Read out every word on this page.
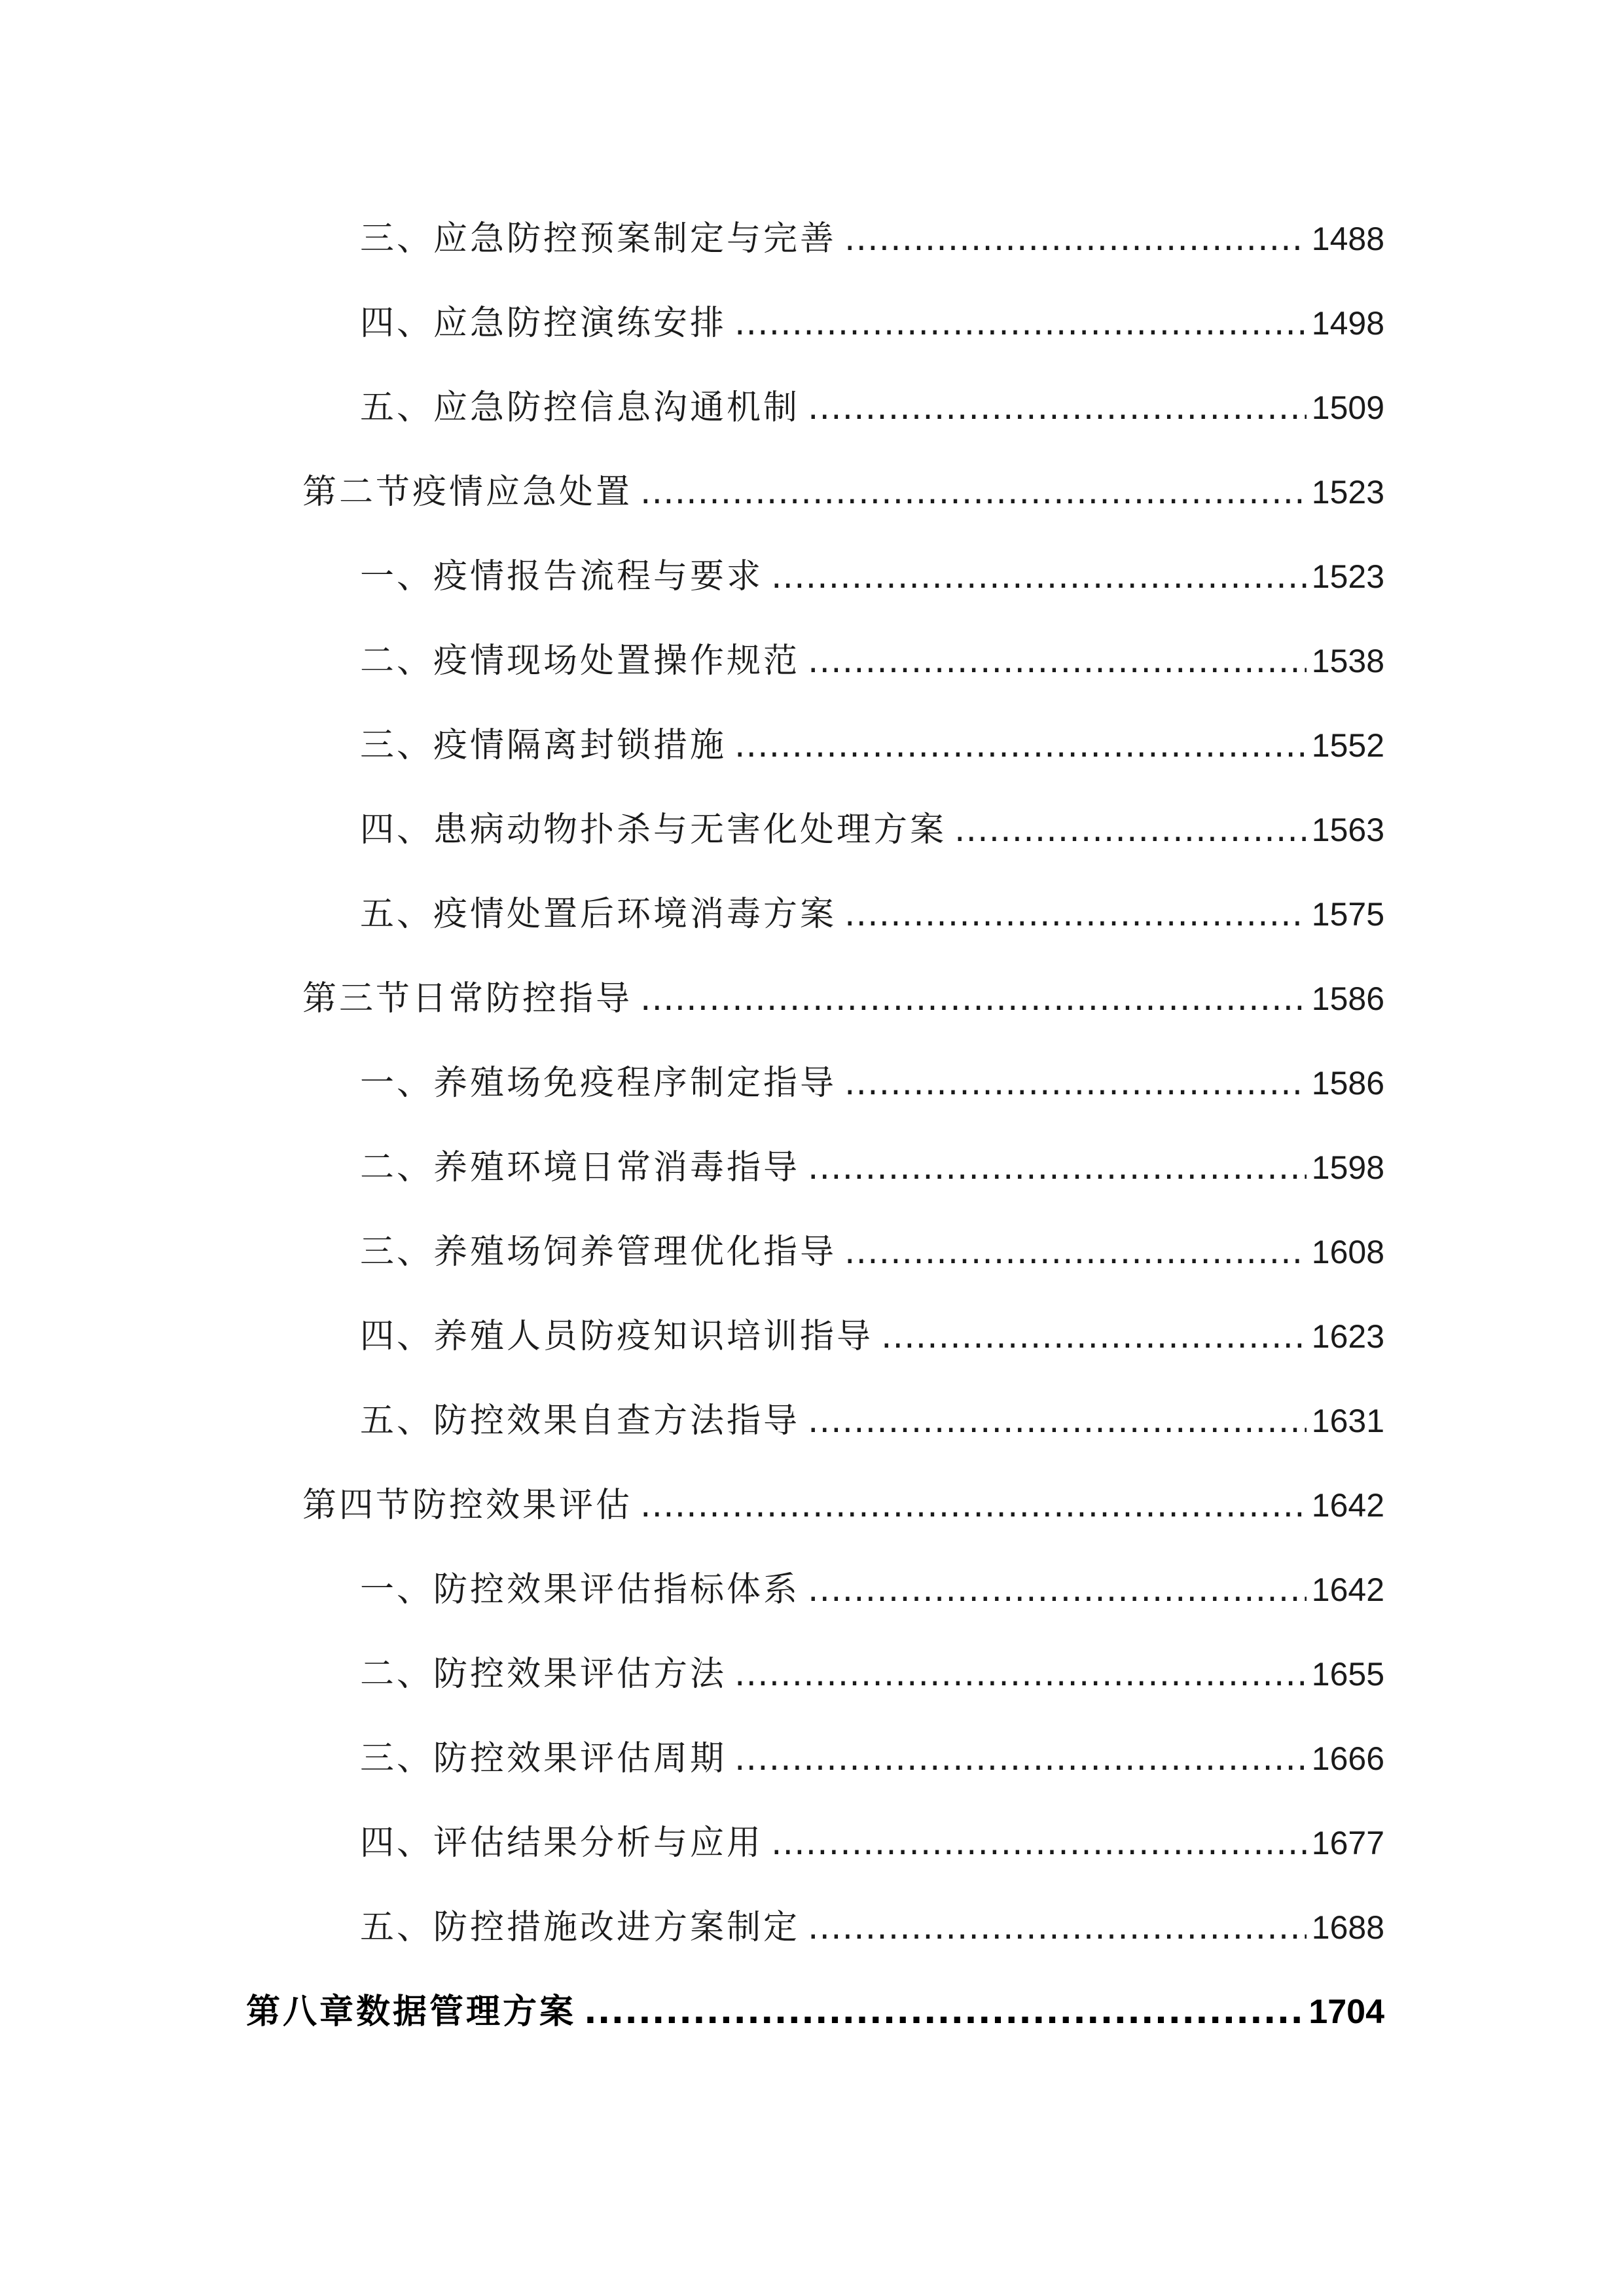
三、应急防控预案制定与完善 .....	1488
四、应急防控演练安排 .....	1498
五、应急防控信息沟通机制 .....	1509
第二节疫情应急处置 .....	1523
一、疫情报告流程与要求 .....	1523
二、疫情现场处置操作规范 .....	1538
三、疫情隔离封锁措施 .....	1552
四、患病动物扑杀与无害化处理方案 .....	1563
五、疫情处置后环境消毒方案 .....	1575
第三节日常防控指导 .....	1586
一、养殖场免疫程序制定指导 .....	1586
二、养殖环境日常消毒指导 .....	1598
三、养殖场饲养管理优化指导 .....	1608
四、养殖人员防疫知识培训指导 .....	1623
五、防控效果自查方法指导 .....	1631
第四节防控效果评估 .....	1642
一、防控效果评估指标体系 .....	1642
二、防控效果评估方法 .....	1655
三、防控效果评估周期 .....	1666
四、评估结果分析与应用 .....	1677
五、防控措施改进方案制定 .....	1688
第八章数据管理方案 .....	1704
